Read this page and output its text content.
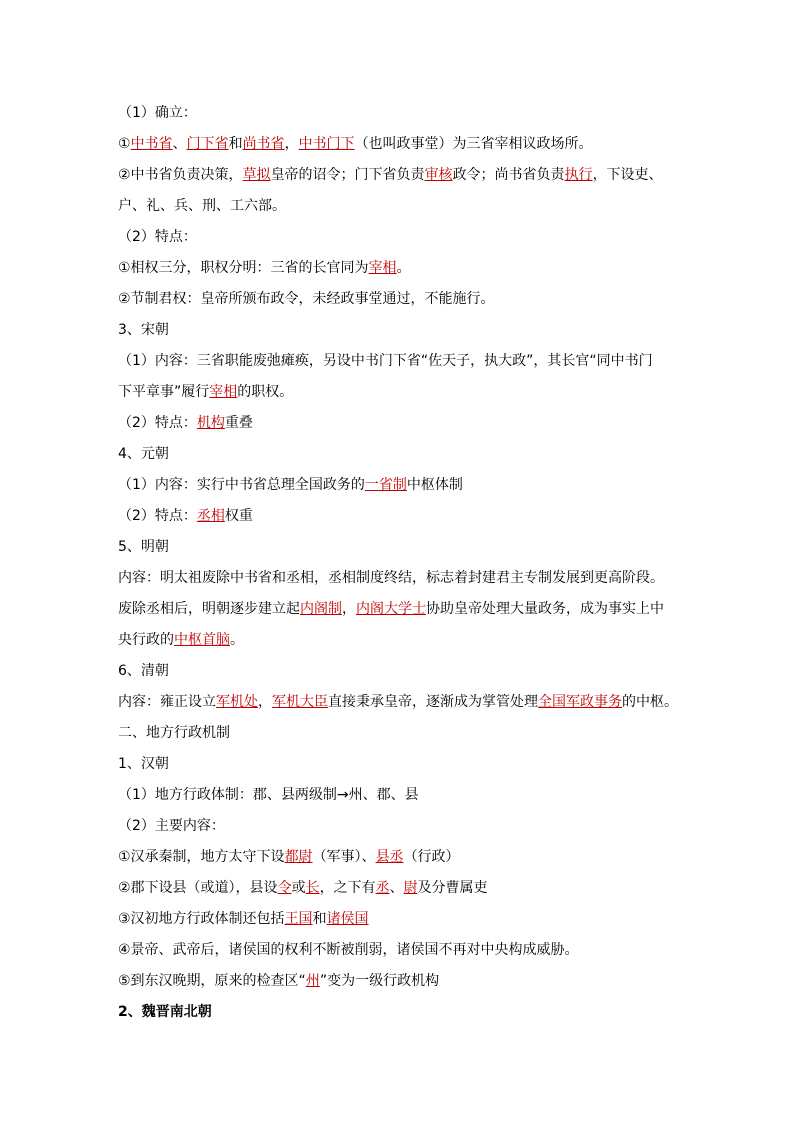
（1）确立：
①中书省、门下省和尚书省，中书门下（也叫政事堂）为三省宰相议政场所。
②中书省负责决策，草拟皇帝的诏令；门下省负责审核政令；尚书省负责执行，下设吏、
户、礼、兵、刑、工六部。
（2）特点：
①相权三分，职权分明：三省的长官同为宰相。
②节制君权：皇帝所颁布政令，未经政事堂通过，不能施行。
3、宋朝
（1）内容：三省职能废弛瘫痪，另设中书门下省“佐天子，执大政”，其长官“同中书门
下平章事”履行宰相的职权。
（2）特点：机构重叠
4、元朝
（1）内容：实行中书省总理全国政务的一省制中枢体制
（2）特点：丞相权重
5、明朝
内容：明太祖废除中书省和丞相，丞相制度终结，标志着封建君主专制发展到更高阶段。
废除丞相后，明朝逐步建立起内阁制，内阁大学士协助皇帝处理大量政务，成为事实上中
央行政的中枢首脑。
6、清朝
内容：雍正设立军机处，军机大臣直接秉承皇帝，逐渐成为掌管处理全国军政事务的中枢。
二、地方行政机制
1、汉朝
（1）地方行政体制：郡、县两级制→州、郡、县
（2）主要内容：
①汉承秦制，地方太守下设都尉（军事）、县丞（行政）
②郡下设县（或道），县设令或长，之下有丞、尉及分曹属吏
③汉初地方行政体制还包括王国和诸侯国
④景帝、武帝后，诸侯国的权利不断被削弱，诸侯国不再对中央构成威胁。
⑤到东汉晚期，原来的检查区“州”变为一级行政机构
2、魏晋南北朝
